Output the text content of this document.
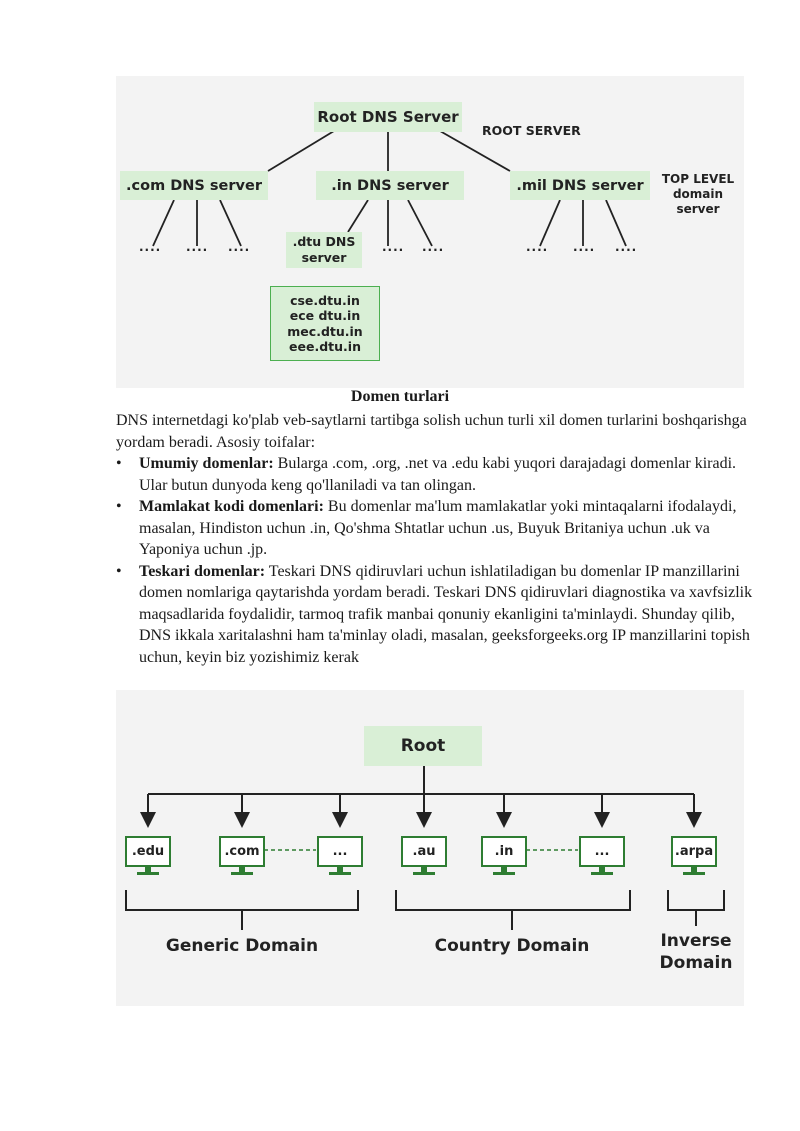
Root DNS Server
ROOT SERVER
.com DNS server	.in DNS server	.mil DNS server	TOP LEVEL
domain
server
.... .... ....	.dtu DNS
server
.... ....	.... .... ....
cse.dtu.in
ece dtu.in
mec.dtu.in
eee.dtu.in
Domen turlari

DNS internetdagi ko'plab veb-saytlarni tartibga solish uchun turli xil domen turlarini boshqarishga yordam beradi. Asosiy toifalar:

• Umumiy domenlar: Bularga .com, .org, .net va .edu kabi yuqori darajadagi domenlar kiradi. Ular butun dunyoda keng qo'llaniladi va tan olingan.
• Mamlakat kodi domenlari: Bu domenlar ma'lum mamlakatlar yoki mintaqalarni ifodalaydi, masalan, Hindiston uchun .in, Qo'shma Shtatlar uchun .us, Buyuk Britaniya uchun .uk va Yaponiya uchun .jp.
• Teskari domenlar: Teskari DNS qidiruvlari uchun ishlatiladigan bu domenlar IP manzillarini domen nomlariga qaytarishda yordam beradi. Teskari DNS qidiruvlari diagnostika va xavfsizlik maqsadlarida foydalidir, tarmoq trafik manbai qonuniy ekanligini ta'minlaydi. Shunday qilib, DNS ikkala xaritalashni ham ta'minlay oladi, masalan, geeksforgeeks.org IP manzillarini topish uchun, keyin biz yozishimiz kerak
Root
.edu	.com	...	.au	.in	...	.arpa
Generic Domain	Country Domain	Inverse
Domain
